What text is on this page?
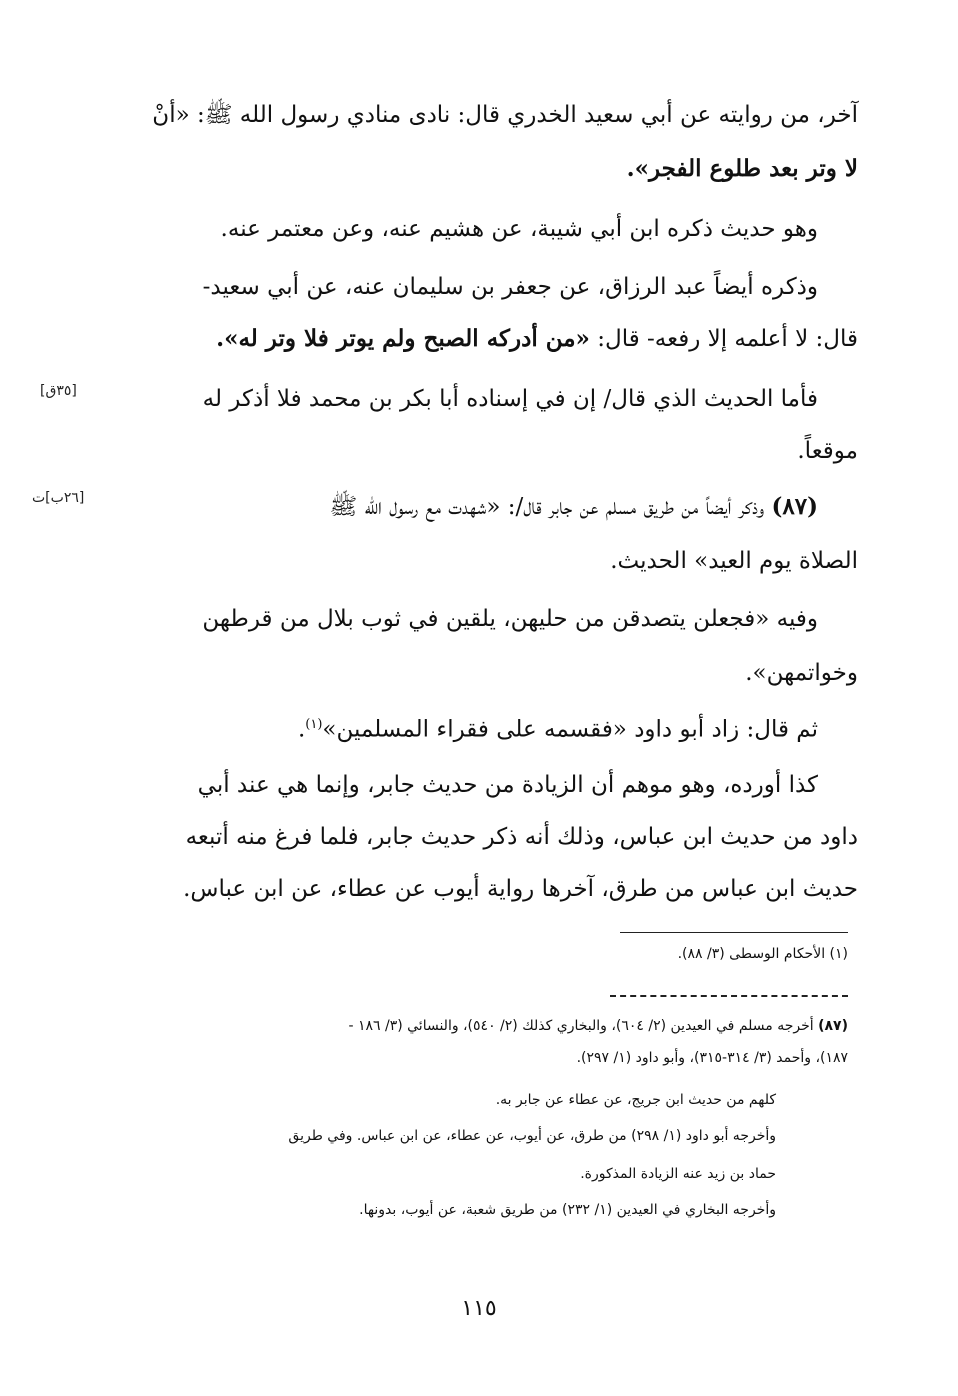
آخر، من روايته عن أبي سعيد الخدري قال: نادى منادي رسول الله ﷺ: «أنْ
لا وتر بعد طلوع الفجر».
وهو حديث ذكره ابن أبي شيبة، عن هشيم عنه، وعن معتمر عنه.
وذكره أيضاً عبد الرزاق، عن جعفر بن سليمان عنه، عن أبي سعيد-
قال: لا أعلمه إلا رفعه- قال: «من أدركه الصبح ولم يوتر فلا وتر له».
فأما الحديث الذي قال/ إن في إسناده أبا بكر بن محمد فلا أذكر له
موقعاً.
(٨٧) وذكر أيضاً من طريق مسلم عن جابر قال/: «شهدت مع رسول الله ﷺ
الصلاة يوم العيد» الحديث.
وفيه «فجعلن يتصدقن من حليهن، يلقين في ثوب بلال من قرطهن
وخواتمهن».
ثم قال: زاد أبو داود «فقسمه على فقراء المسلمين»$^{(١)}$.
كذا أورده، وهو موهم أن الزيادة من حديث جابر، وإنما هي عند أبي
داود من حديث ابن عباس، وذلك أنه ذكر حديث جابر، فلما فرغ منه أتبعه
حديث ابن عباس من طرق، آخرها رواية أيوب عن عطاء، عن ابن عباس.
[٣٥ق]
[٢٦ب]ت
(١) الأحكام الوسطى (٣/ ٨٨).
(٨٧) أخرجه مسلم في العيدين (٢/ ٦٠٤)، والبخاري كذلك (٢/ ٥٤٠)، والنسائي (٣/ ١٨٦ -
١٨٧)، وأحمد (٣/ ٣١٤-٣١٥)، وأبو داود (١/ ٢٩٧).
كلهم من حديث ابن جريج، عن عطاء عن جابر به.
وأخرجه أبو داود (١/ ٢٩٨) من طرق، عن أيوب، عن عطاء، عن ابن عباس. وفي طريق
حماد بن زيد عنه الزيادة المذكورة.
وأخرجه البخاري في العيدين (١/ ٢٣٢) من طريق شعبة، عن أيوب، بدونها.
١١٥
